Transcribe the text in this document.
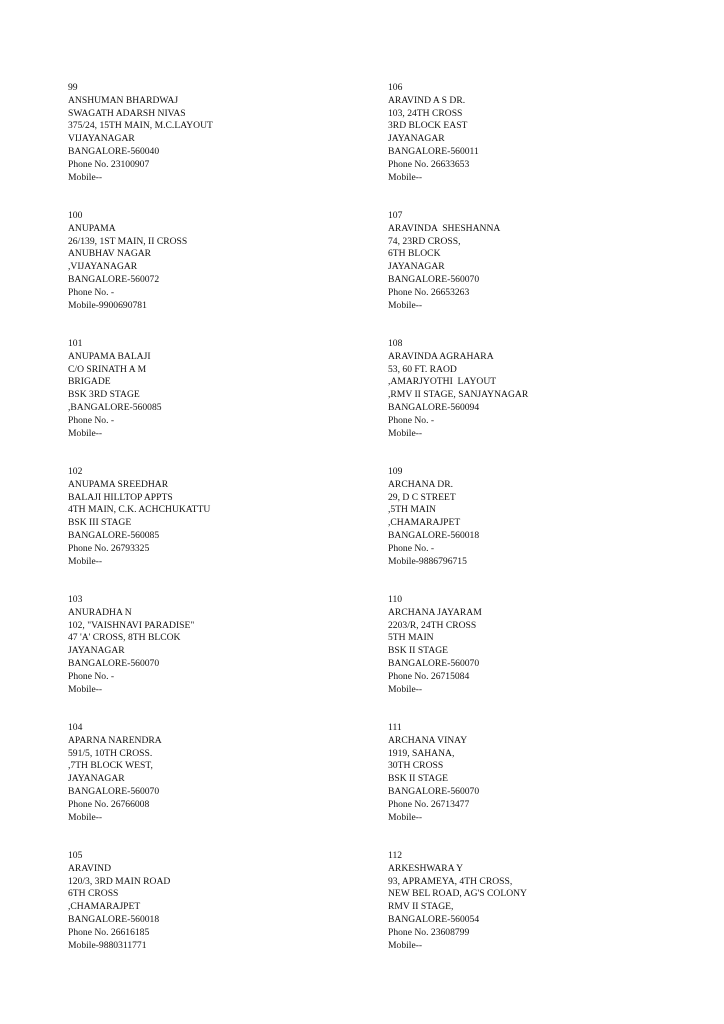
99
ANSHUMAN BHARDWAJ
SWAGATH ADARSH NIVAS
375/24, 15TH MAIN, M.C.LAYOUT
VIJAYANAGAR
BANGALORE-560040
Phone No. 23100907
Mobile--
100
ANUPAMA
26/139, 1ST MAIN, II CROSS
ANUBHAV NAGAR
,VIJAYANAGAR
BANGALORE-560072
Phone No. -
Mobile-9900690781
101
ANUPAMA BALAJI
C/O SRINATH A M
BRIGADE
BSK 3RD STAGE
,BANGALORE-560085
Phone No. -
Mobile--
102
ANUPAMA SREEDHAR
BALAJI HILLTOP APPTS
4TH MAIN, C.K. ACHCHUKATTU
BSK III STAGE
BANGALORE-560085
Phone No. 26793325
Mobile--
103
ANURADHA N
102, "VAISHNAVI PARADISE"
47 'A' CROSS, 8TH BLCOK
JAYANAGAR
BANGALORE-560070
Phone No. -
Mobile--
104
APARNA NARENDRA
591/5, 10TH CROSS.
,7TH BLOCK WEST,
JAYANAGAR
BANGALORE-560070
Phone No. 26766008
Mobile--
105
ARAVIND
120/3, 3RD MAIN ROAD
6TH CROSS
,CHAMARAJPET
BANGALORE-560018
Phone No. 26616185
Mobile-9880311771
106
ARAVIND A S DR.
103, 24TH CROSS
3RD BLOCK EAST
JAYANAGAR
BANGALORE-560011
Phone No. 26633653
Mobile--
107
ARAVINDA  SHESHANNA
74, 23RD CROSS,
6TH BLOCK
JAYANAGAR
BANGALORE-560070
Phone No. 26653263
Mobile--
108
ARAVINDA AGRAHARA
53, 60 FT. RAOD
,AMARJYOTHI  LAYOUT
,RMV II STAGE, SANJAYNAGAR
BANGALORE-560094
Phone No. -
Mobile--
109
ARCHANA DR.
29, D C STREET
,5TH MAIN
,CHAMARAJPET
BANGALORE-560018
Phone No. -
Mobile-9886796715
110
ARCHANA JAYARAM
2203/R, 24TH CROSS
5TH MAIN
BSK II STAGE
BANGALORE-560070
Phone No. 26715084
Mobile--
111
ARCHANA VINAY
1919, SAHANA,
30TH CROSS
BSK II STAGE
BANGALORE-560070
Phone No. 26713477
Mobile--
112
ARKESHWARA Y
93, APRAMEYA, 4TH CROSS,
NEW BEL ROAD, AG'S COLONY
RMV II STAGE,
BANGALORE-560054
Phone No. 23608799
Mobile--
